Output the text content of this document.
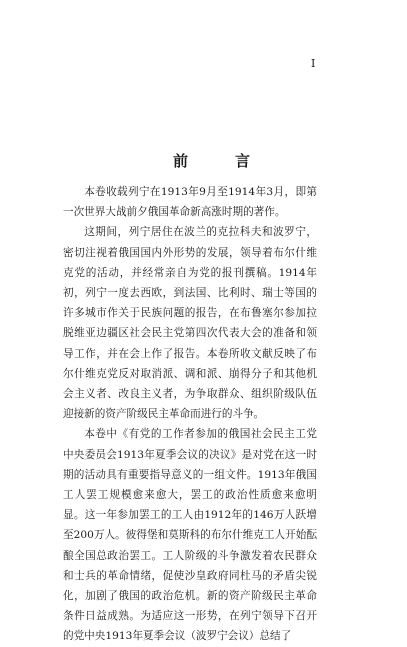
I
前　言

本卷收载列宁在1913年9月至1914年3月，即第一次世界大战前夕俄国革命新高涨时期的著作。

这期间，列宁居住在波兰的克拉科夫和波罗宁，密切注视着俄国国内外形势的发展，领导着布尔什维克党的活动，并经常亲自为党的报刊撰稿。1914年初，列宁一度去西欧，到法国、比利时、瑞士等国的许多城市作关于民族问题的报告，在布鲁塞尔参加拉脱维亚边疆区社会民主党第四次代表大会的准备和领导工作，并在会上作了报告。本卷所收文献反映了布尔什维克党反对取消派、调和派、崩得分子和其他机会主义者、改良主义者，为争取群众、组织阶级队伍迎接新的资产阶级民主革命而进行的斗争。

本卷中《有党的工作者参加的俄国社会民主工党中央委员会1913年夏季会议的决议》是对党在这一时期的活动具有重要指导意义的一组文件。1913年俄国工人罢工规模愈来愈大，罢工的政治性质愈来愈明显。这一年参加罢工的工人由1912年的146万人跃增至200万人。彼得堡和莫斯科的布尔什维克工人开始酝酿全国总政治罢工。工人阶级的斗争激发着农民群众和士兵的革命情绪，促使沙皇政府同杜马的矛盾尖锐化，加剧了俄国的政治危机。新的资产阶级民主革命条件日益成熟。为适应这一形势，在列宁领导下召开的党中央1913年夏季会议（波罗宁会议）总结了
